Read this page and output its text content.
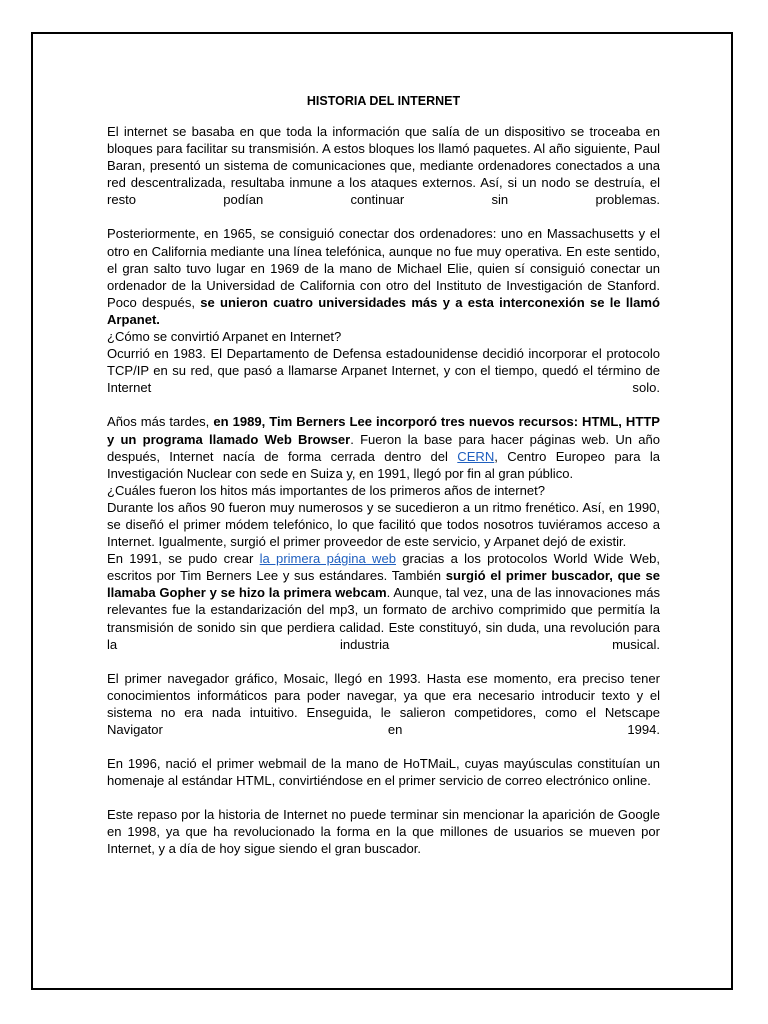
HISTORIA DEL INTERNET

El internet se basaba en que toda la información que salía de un dispositivo se troceaba en bloques para facilitar su transmisión. A estos bloques los llamó paquetes. Al año siguiente, Paul Baran, presentó un sistema de comunicaciones que, mediante ordenadores conectados a una red descentralizada, resultaba inmune a los ataques externos. Así, si un nodo se destruía, el resto podían continuar sin problemas.

Posteriormente, en 1965, se consiguió conectar dos ordenadores: uno en Massachusetts y el otro en California mediante una línea telefónica, aunque no fue muy operativa. En este sentido, el gran salto tuvo lugar en 1969 de la mano de Michael Elie, quien sí consiguió conectar un ordenador de la Universidad de California con otro del Instituto de Investigación de Stanford. Poco después, se unieron cuatro universidades más y a esta interconexión se le llamó Arpanet.

¿Cómo se convirtió Arpanet en Internet?

Ocurrió en 1983. El Departamento de Defensa estadounidense decidió incorporar el protocolo TCP/IP en su red, que pasó a llamarse Arpanet Internet, y con el tiempo, quedó el término de Internet solo.

Años más tardes, en 1989, Tim Berners Lee incorporó tres nuevos recursos: HTML, HTTP y un programa llamado Web Browser. Fueron la base para hacer páginas web. Un año después, Internet nacía de forma cerrada dentro del CERN, Centro Europeo para la Investigación Nuclear con sede en Suiza y, en 1991, llegó por fin al gran público.

¿Cuáles fueron los hitos más importantes de los primeros años de internet?

Durante los años 90 fueron muy numerosos y se sucedieron a un ritmo frenético. Así, en 1990, se diseñó el primer módem telefónico, lo que facilitó que todos nosotros tuviéramos acceso a Internet. Igualmente, surgió el primer proveedor de este servicio, y Arpanet dejó de existir.

En 1991, se pudo crear la primera página web gracias a los protocolos World Wide Web, escritos por Tim Berners Lee y sus estándares. También surgió el primer buscador, que se llamaba Gopher y se hizo la primera webcam. Aunque, tal vez, una de las innovaciones más relevantes fue la estandarización del mp3, un formato de archivo comprimido que permitía la transmisión de sonido sin que perdiera calidad. Este constituyó, sin duda, una revolución para la industria musical.

El primer navegador gráfico, Mosaic, llegó en 1993. Hasta ese momento, era preciso tener conocimientos informáticos para poder navegar, ya que era necesario introducir texto y el sistema no era nada intuitivo. Enseguida, le salieron competidores, como el Netscape Navigator en 1994.

En 1996, nació el primer webmail de la mano de HoTMaiL, cuyas mayúsculas constituían un homenaje al estándar HTML, convirtiéndose en el primer servicio de correo electrónico online.

Este repaso por la historia de Internet no puede terminar sin mencionar la aparición de Google en 1998, ya que ha revolucionado la forma en la que millones de usuarios se mueven por Internet, y a día de hoy sigue siendo el gran buscador.
